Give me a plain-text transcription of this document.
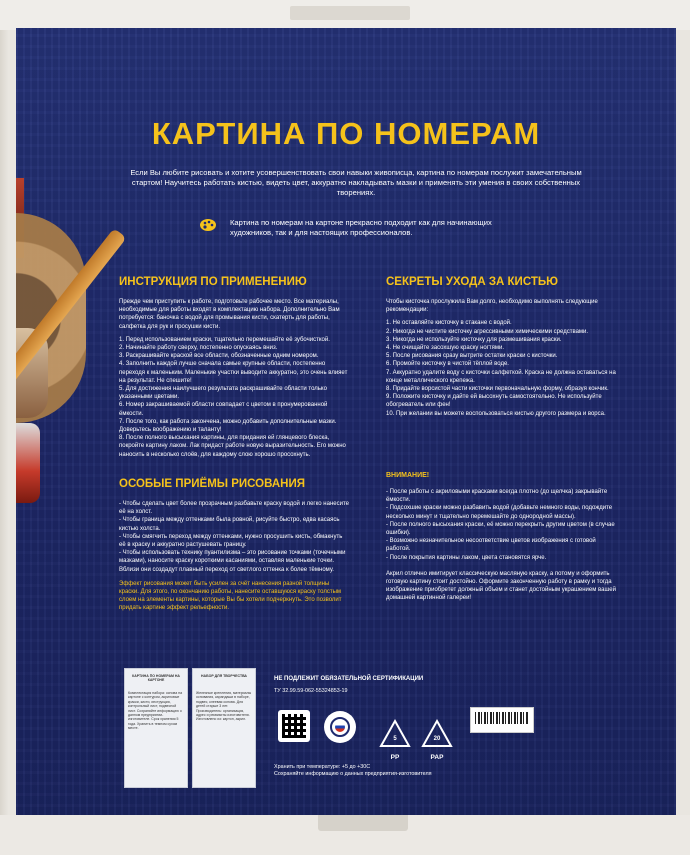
КАРТИНА ПО НОМЕРАМ
Если Вы любите рисовать и хотите усовершенствовать свои навыки живописца, картина по номерам послужит замечательным стартом! Научитесь работать кистью, видеть цвет, аккуратно накладывать мазки и применять эти умения в своих собственных творениях.
Картина по номерам на картоне прекрасно подходит как для начинающих художников, так и для настоящих профессионалов.
ИНСТРУКЦИЯ ПО ПРИМЕНЕНИЮ

Прежде чем приступить к работе, подготовьте рабочее место. Все материалы, необходимые для работы входят в комплектацию набора. Дополнительно Вам потребуется: баночка с водой для промывания кисти, скатерть для работы, салфетка для рук и просушки кисти.

1. Перед использованием краски, тщательно перемешайте её зубочисткой.
2. Начинайте работу сверху, постепенно опускаясь вниз.
3. Раскрашивайте краской все области, обозначенные одним номером.
4. Заполнить каждой лучше сначала самые крупные области, постепенно переходя к маленьким. Маленькие участки выводите аккуратно, это очень влияет на результат. Не спешите!
5. Для достижения наилучшего результата раскрашивайте области только указанными цветами.
6. Номер закрашиваемой области совпадает с цветом в пронумерованной ёмкости.
7. После того, как работа закончена, можно добавить дополнительные мазки. Доверьтесь воображению и таланту!
8. После полного высыхания картины, для придания ей глянцевого блеска, покройте картину лаком. Лак придаст работе новую выразительность. Его можно наносить в несколько слоёв, для каждому слою хорошо просохнуть.
ОСОБЫЕ ПРИЁМЫ РИСОВАНИЯ
- Чтобы сделать цвет более прозрачным разбавьте краску водой и легко нанесите её на холст.
- Чтобы граница между оттенками была ровной, рисуйте быстро, едва касаясь кистью холста.
- Чтобы смягчить переход между оттенками, нужно просушить кисть, обмакнуть её в краску и аккуратно растушевать границу.
- Чтобы использовать технику пуантилизма – это рисование точками (точечными мазками), наносите краску короткими касаниями, оставляя маленькие точки. Вблизи они создадут плавный переход от светлого оттенка к более тёмному.
Эффект рисования может быть усилен за счёт нанесения разной толщины краски. Для этого, по окончанию работы, нанесите оставшуюся краску толстым слоем на элементы картины, которые Вы бы хотели подчеркнуть. Это позволит придать картине эффект рельефности.
СЕКРЕТЫ УХОДА ЗА КИСТЬЮ

Чтобы кисточка прослужила Вам долго, необходимо выполнять следующие рекомендации:

1. Не оставляйте кисточку в стакане с водой.
2. Никогда не чистите кисточку агрессивными химическими средствами.
3. Никогда не используйте кисточку для размешивания краски.
4. Не очищайте засохшую краску ногтями.
5. После рисования сразу вытрите остатки краски с кисточки.
6. Промойте кисточку в чистой тёплой воде.
7. Аккуратно удалите воду с кисточки салфеткой. Краска не должна оставаться на конце металлического крепежа.
8. Придайте ворсистой части кисточки первоначальную форму, образуя кончик.
9. Положите кисточку и дайте ей высохнуть самостоятельно. Не используйте обогреватель или фен!
10. При желании вы можете воспользоваться кистью другого размера и ворса.
ВНИМАНИЕ!
- После работы с акриловыми красками всегда плотно (до щелчка) закрывайте ёмкости.
- Подсохшие краски можно разбавить водой (добавьте немного воды, подождите несколько минут и тщательно перемешайте до однородной массы).
- После полного высыхания краски, её можно перекрыть другим цветом (в случае ошибки).
- Возможно незначительное несоответствие цветов изображения с готовой работой.
- После покрытия картины лаком, цвета становятся ярче.
Акрил отлично имитирует классическую масляную краску, а потому и оформить готовую картину стоит достойно. Оформите законченную работу в рамку и тогда изображение приобретет должный объем и станет достойным украшением вашей домашней картинной галереи!
КАРТИНА ПО НОМЕРАМ НА КАРТОНЕ
Комплектация набора: основа на картоне с контуром, акриловые краски, кисти, инструкция, контрольный лист, подвесной лист. Сохраняйте информацию о данном предприятии-изготовителе. Срок хранения 5 года. Хранить в темном сухом месте.
НАБОР ДЛЯ ТВОРЧЕСТВА
Железные крепления, материалы основания, карандаши в наборе, подвес, клеевая основа. Для детей старше 3 лет. Производитель: организация, адрес и реквизиты изготовителя. Изготовлено из: картон, акрил.
НЕ ПОДЛЕЖИТ ОБЯЗАТЕЛЬНОЙ СЕРТИФИКАЦИИ
ТУ 32.99.59-062-55324853-19
Хранить при температуре: +5 до +30С
Сохраняйте информацию о данных предприятия-изготовителя
5
PP
20
PAP
